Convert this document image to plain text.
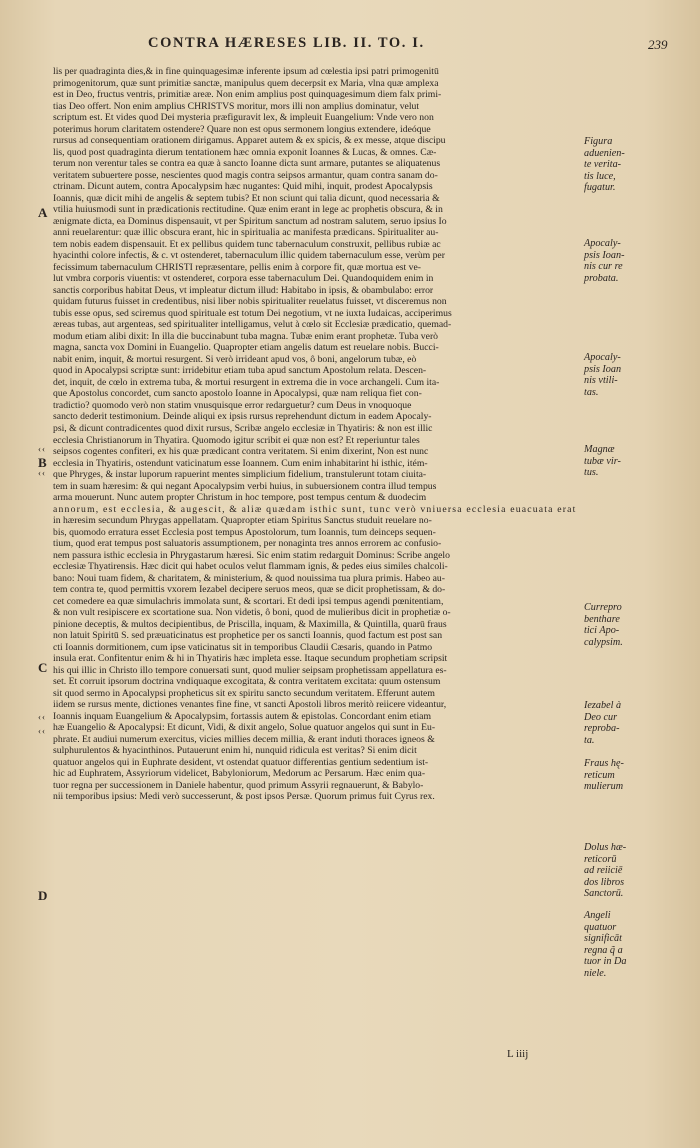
CONTRA HÆRESES LIB. II. TO. I.	239
lis per quadraginta dies,& in fine quinquagesimæ inferente ipsum ad cœlestia ipsi patri primogenitū
primogenitorum, quæ sunt primitiæ sanctæ, manipulus quem decerpsit ex Maria, vlna quæ amplexa
est in Deo, fructus ventris, primitiæ areæ. Non enim amplius post quinquagesimum diem falx primi-
tias Deo offert. Non enim amplius CHRISTVS moritur, mors illi non amplius dominatur, velut
scriptum est. Et vides quod Dei mysteria præfiguravit lex, & impleuit Euangelium: Vnde vero non
poterimus horum claritatem ostendere? Quare non est opus sermonem longius extendere, ideóque
rursus ad consequentiam orationem dirigamus. Apparet autem & ex spicis, & ex messe, atque discipu
lis, quod post quadraginta dierum tentationem hæc omnia exponit Ioannes & Lucas, & omnes. Cæ-
terum non verentur tales se contra ea quæ à sancto Ioanne dicta sunt armare, putantes se aliquatenus
veritatem subuertere posse, nescientes quod magis contra seipsos armantur, quam contra sanam do-
ctrinam. Dicunt autem, contra Apocalypsim hæc nugantes: Quid mihi, inquit, prodest Apocalypsis
Ioannis, quæ dicit mihi de angelis & septem tubis? Et non sciunt qui talia dicunt, quod necessaria &
vtilia huiusmodi sunt in prædicationis rectitudine. Quæ enim erant in lege ac prophetis obscura, & in
ænigmate dicta, ea Dominus dispensauit, vt per Spiritum sanctum ad nostram salutem, seruo ipsius Io
anni reuelarentur: quæ illic obscura erant, hic in spiritualia ac manifesta prædicans. Spiritualiter au-
tem nobis eadem dispensauit. Et ex pellibus quidem tunc tabernaculum construxit, pellibus rubiæ ac
hyacinthi colore infectis, & c. vt ostenderet, tabernaculum illic quidem tabernaculum esse, verùm per
fecissimum tabernaculum CHRISTI repræsentare, pellis enim à corpore fit, quæ mortua est ve-
lut vmbra corporis viuentis: vt ostenderet, corpora esse tabernaculum Dei. Quandoquidem enim in
sanctis corporibus habitat Deus, vt impleatur dictum illud: Habitabo in ipsis, & obambulabo: error
quidam futurus fuisset in credentibus, nisi liber nobis spiritualiter reuelatus fuisset, vt disceremus non
tubis esse opus, sed sciremus quod spirituale est totum Dei negotium, vt ne iuxta Iudaicas, acciperimus
æreas tubas, aut argenteas, sed spiritualiter intelligamus, velut à cœlo sit Ecclesiæ prædicatio, quemad-
modum etiam alibi dixit: In illa die buccinabunt tuba magna. Tubæ enim erant prophetæ. Tuba verò
magna, sancta vox Domini in Euangelio. Quapropter etiam angelis datum est reuelare nobis. Bucci-
nabit enim, inquit, & mortui resurgent. Si verò irrideant apud vos, ô boni, angelorum tubæ, eò
quod in Apocalypsi scriptæ sunt: irridebitur etiam tuba apud sanctum Apostolum relata. Descen-
det, inquit, de cœlo in extrema tuba, & mortui resurgent in extrema die in voce archangeli. Cum ita-
que Apostolus concordet, cum sancto apostolo Ioanne in Apocalypsi, quæ nam reliqua fiet con-
tradictio? quomodo verò non statim vnusquisque error redarguetur? cum Deus in vnoquoque
sancto dederit testimonium. Deinde aliqui ex ipsis rursus reprehendunt dictum in eadem Apocaly-
psi, & dicunt contradicentes quod dixit rursus, Scribæ angelo ecclesiæ in Thyatiris: & non est illic
ecclesia Christianorum in Thyatira. Quomodo igitur scribit ei quæ non est? Et reperiuntur tales
seipsos cogentes confiteri, ex his quæ prædicant contra veritatem. Si enim dixerint, Non est nunc
ecclesia in Thyatiris, ostendunt vaticinatum esse Ioannem. Cum enim inhabitarint hi isthic, itém-
que Phryges, & instar luporum rapuerint mentes simplicium fidelium, transtulerunt totam ciuita-
tem in suam hæresim: & qui negant Apocalypsim verbi huius, in subuersionem contra illud tempus
arma mouerunt. Nunc autem propter Christum in hoc tempore, post tempus centum & duodecim
annorum, est ecclesia, & augescit, & aliæ quædam isthic sunt, tunc verò vniuersa ecclesia euacuata erat
in hæresim secundum Phrygas appellatam. Quapropter etiam Spiritus Sanctus studuit reuelare no-
bis, quomodo erratura esset Ecclesia post tempus Apostolorum, tum Ioannis, tum deinceps sequen-
tium, quod erat tempus post saluatoris assumptionem, per nonaginta tres annos errorem ac confusio-
nem passura isthic ecclesia in Phrygastarum hæresi. Sic enim statim redarguit Dominus: Scribe angelo
ecclesiæ Thyatirensis. Hæc dicit qui habet oculos velut flammam ignis, & pedes eius similes chalcoli-
bano: Noui tuam fidem, & charitatem, & ministerium, & quod nouissima tua plura primis. Habeo au-
tem contra te, quod permittis vxorem Iezabel decipere seruos meos, quæ se dicit prophetissam, & do-
cet comedere ea quæ simulachris immolata sunt, & scortari. Et dedi ipsi tempus agendi pœnitentiam,
& non vult resipiscere ex scortatione sua. Non videtis, ô boni, quod de mulieribus dicit in prophetiæ o-
pinione deceptis, & multos decipientibus, de Priscilla, inquam, & Maximilla, & Quintilla, quarū fraus
non latuit Spiritū S. sed præuaticinatus est prophetice per os sancti Ioannis, quod factum est post san
cti Ioannis dormitionem, cum ipse vaticinatus sit in temporibus Claudii Cæsaris, quando in Patmo
insula erat. Confitentur enim & hi in Thyatiris hæc impleta esse. Itaque secundum prophetiam scripsit
his qui illic in Christo illo tempore conuersati sunt, quod mulier seipsam prophetissam appellatura es-
set. Et corruit ipsorum doctrina vndiquaque excogitata, & contra veritatem excitata: quum ostensum
sit quod sermo in Apocalypsi propheticus sit ex spiritu sancto secundum veritatem. Efferunt autem
iidem se rursus mente, dictiones venantes fine fine, vt sancti Apostoli libros meritò reiicere videantur,
Ioannis inquam Euangelium & Apocalypsim, fortassis autem & epistolas. Concordant enim etiam
hæ Euangelio & Apocalypsi: Et dicunt, Vidi, & dixit angelo, Solue quatuor angelos qui sunt in Eu-
phrate. Et audiui numerum exercitus, vicies millies decem millia, & erant induti thoraces igneos &
sulphurulentos & hyacinthinos. Putauerunt enim hi, nunquid ridicula est veritas? Si enim dicit
quatuor angelos qui in Euphrate desident, vt ostendat quatuor differentias gentium sedentium ist-
hic ad Euphratem, Assyriorum videlicet, Babyloniorum, Medorum ac Persarum. Hæc enim qua-
tuor regna per successionem in Daniele habentur, quod primum Assyrii regnauerunt, & Babylo-
nii temporibus ipsius: Medi verò successerunt, & post ipsos Persæ. Quorum primus fuit Cyrus rex.
A
B
C
D
‹‹
‹‹
‹‹
‹‹
Figura
aduenien-
te verita-
tis luce,
fugatur.
Apocaly-
psis Ioan-
nis cur re
probata.
Apocaly-
psis Ioan
nis vtili-
tas.
Magnæ
tubæ vir-
tus.
Currepro
benthare
tici Apo-
calypsim.
Iezabel à
Deo cur
reproba-
ta.
Fraus hę-
reticum
mulierum
Dolus hæ-
reticorū
ad reiiciē
dos libros
Sanctorū.
Angeli
quatuor
significāt
regna q̃ a
tuor in Da
niele.
L iiij
